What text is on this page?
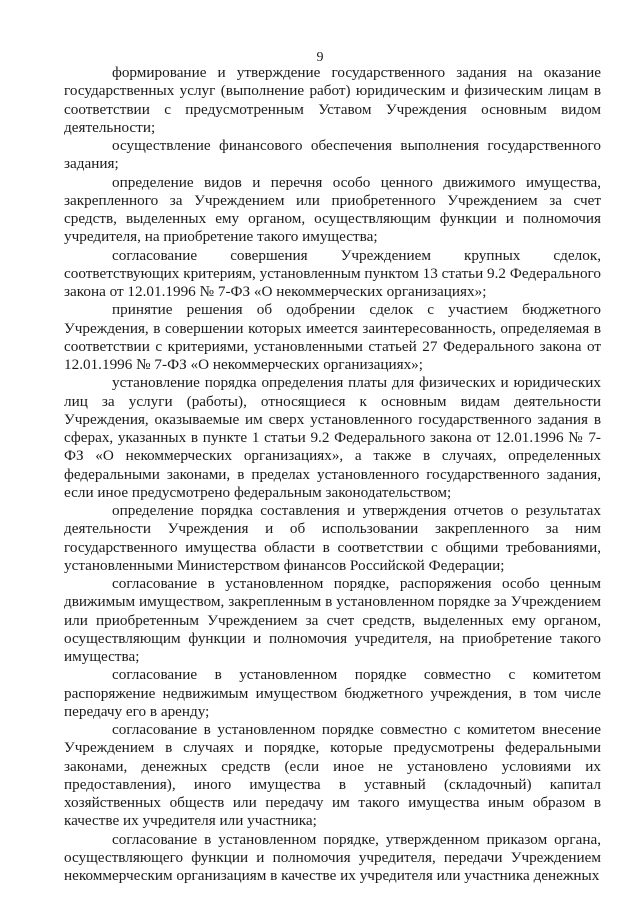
9

формирование и утверждение государственного задания на оказание государственных услуг (выполнение работ) юридическим и физическим лицам в соответствии с предусмотренным Уставом Учреждения основным видом деятельности;

осуществление финансового обеспечения выполнения государственного задания;

определение видов и перечня особо ценного движимого имущества, закрепленного за Учреждением или приобретенного Учреждением за счет средств, выделенных ему органом, осуществляющим функции и полномочия учредителя, на приобретение такого имущества;

согласование совершения Учреждением крупных сделок, соответствующих критериям, установленным пунктом 13 статьи 9.2 Федерального закона от 12.01.1996 № 7-ФЗ «О некоммерческих организациях»;

принятие решения об одобрении сделок с участием бюджетного Учреждения, в совершении которых имеется заинтересованность, определяемая в соответствии с критериями, установленными статьей 27 Федерального закона от 12.01.1996 № 7-ФЗ «О некоммерческих организациях»;

установление порядка определения платы для физических и юридических лиц за услуги (работы), относящиеся к основным видам деятельности Учреждения, оказываемые им сверх установленного государственного задания в сферах, указанных в пункте 1 статьи 9.2 Федерального закона от 12.01.1996 № 7-ФЗ «О некоммерческих организациях», а также в случаях, определенных федеральными законами, в пределах установленного государственного задания, если иное предусмотрено федеральным законодательством;

определение порядка составления и утверждения отчетов о результатах деятельности Учреждения и об использовании закрепленного за ним государственного имущества области в соответствии с общими требованиями, установленными Министерством финансов Российской Федерации;

согласование в установленном порядке, распоряжения особо ценным движимым имуществом, закрепленным в установленном порядке за Учреждением или приобретенным Учреждением за счет средств, выделенных ему органом, осуществляющим функции и полномочия учредителя, на приобретение такого имущества;

согласование в установленном порядке совместно с комитетом распоряжение недвижимым имуществом бюджетного учреждения, в том числе передачу его в аренду;

согласование в установленном порядке совместно с комитетом внесение Учреждением в случаях и порядке, которые предусмотрены федеральными законами, денежных средств (если иное не установлено условиями их предоставления), иного имущества в уставный (складочный) капитал хозяйственных обществ или передачу им такого имущества иным образом в качестве их учредителя или участника;

согласование в установленном порядке, утвержденном приказом органа, осуществляющего функции и полномочия учредителя, передачи Учреждением некоммерческим организациям в качестве их учредителя или участника денежных
